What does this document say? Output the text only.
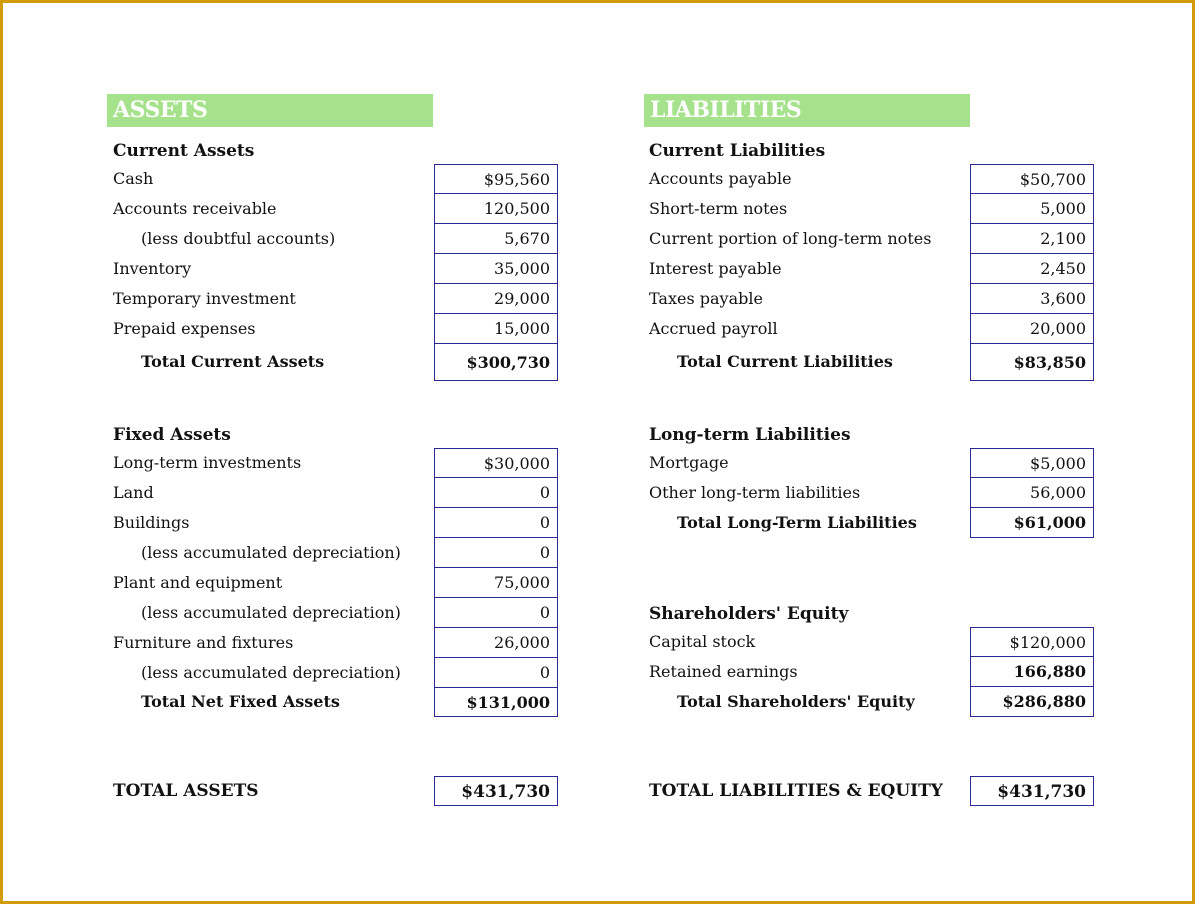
ASSETS
Current Assets
Cash	$95,560
Accounts receivable	120,500
(less doubtful accounts)	5,670
Inventory	35,000
Temporary investment	29,000
Prepaid expenses	15,000
Total Current Assets	$300,730
Fixed Assets
Long-term investments	$30,000
Land	0
Buildings	0
(less accumulated depreciation)	0
Plant and equipment	75,000
(less accumulated depreciation)	0
Furniture and fixtures	26,000
(less accumulated depreciation)	0
Total Net Fixed Assets	$131,000
TOTAL ASSETS	$431,730
LIABILITIES
Current Liabilities
Accounts payable	$50,700
Short-term notes	5,000
Current portion of long-term notes	2,100
Interest payable	2,450
Taxes payable	3,600
Accrued payroll	20,000
Total Current Liabilities	$83,850
Long-term Liabilities
Mortgage	$5,000
Other long-term liabilities	56,000
Total Long-Term Liabilities	$61,000
Shareholders' Equity
Capital stock	$120,000
Retained earnings	166,880
Total Shareholders' Equity	$286,880
TOTAL LIABILITIES & EQUITY	$431,730
